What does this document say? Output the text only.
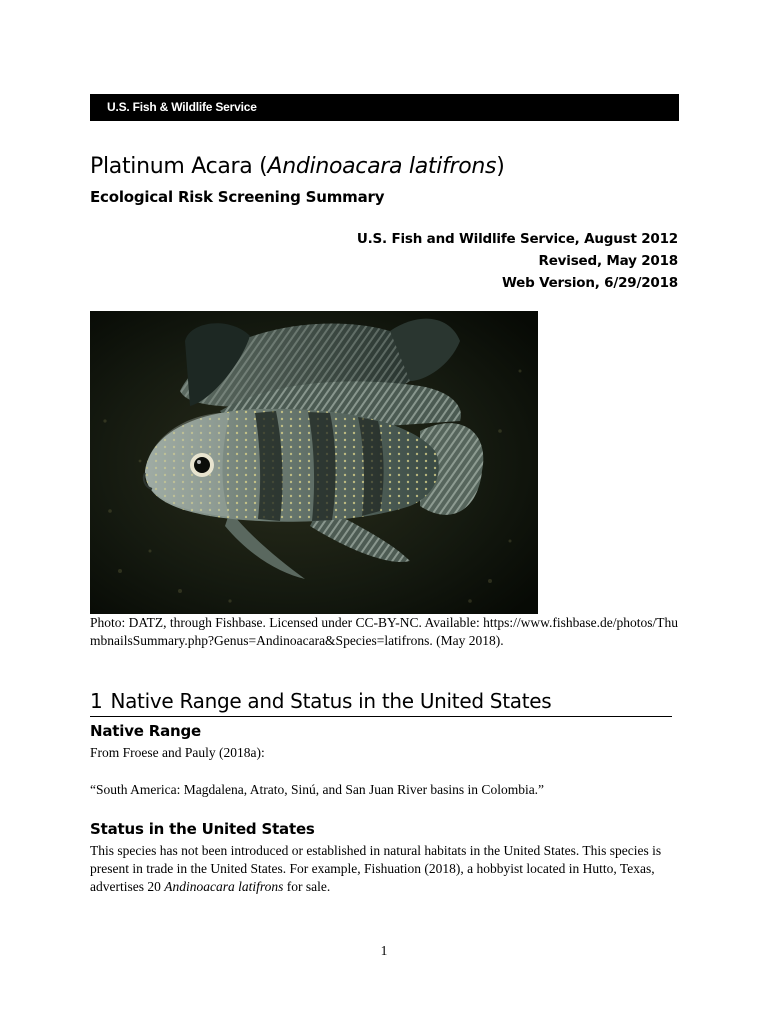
U.S. Fish & Wildlife Service
Platinum Acara (Andinoacara latifrons)
Ecological Risk Screening Summary
U.S. Fish and Wildlife Service, August 2012
Revised, May 2018
Web Version, 6/29/2018
Photo: DATZ, through Fishbase. Licensed under CC-BY-NC. Available: https://www.fishbase.de/photos/ThumbnailsSummary.php?Genus=Andinoacara&Species=latifrons. (May 2018).
1 Native Range and Status in the United States
Native Range

From Froese and Pauly (2018a):

“South America: Magdalena, Atrato, Sinú, and San Juan River basins in Colombia.”

Status in the United States

This species has not been introduced or established in natural habitats in the United States. This species is present in trade in the United States. For example, Fishuation (2018), a hobbyist located in Hutto, Texas, advertises 20 Andinoacara latifrons for sale.

1
